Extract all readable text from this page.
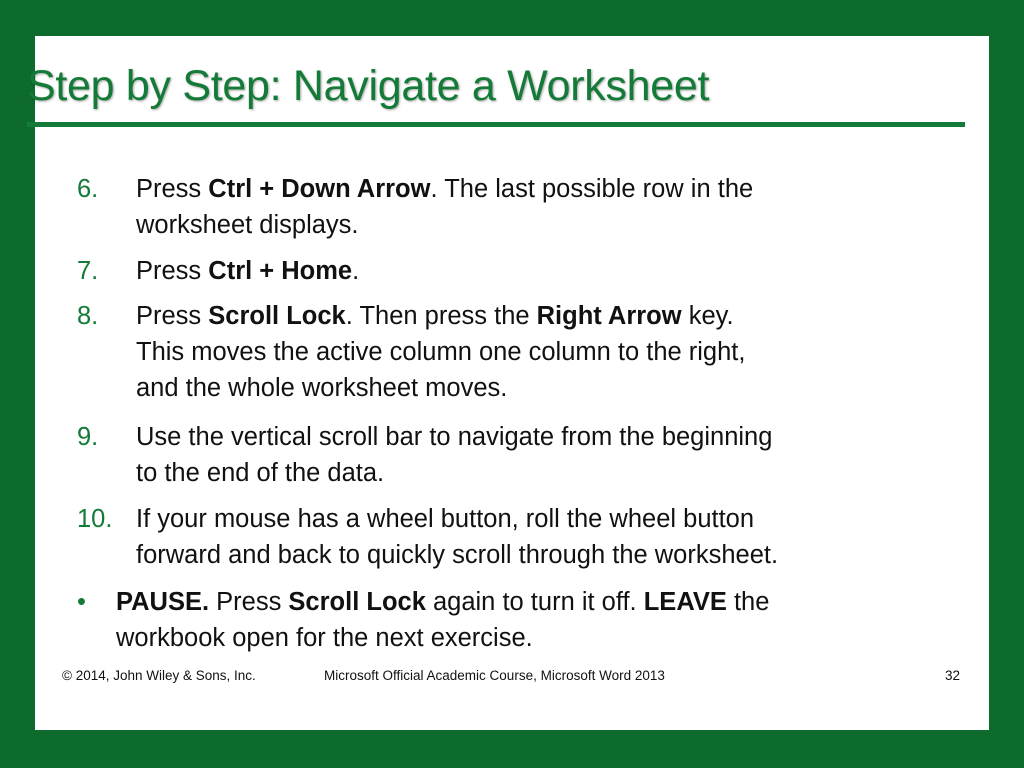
Step by Step: Navigate a Worksheet
6. Press Ctrl + Down Arrow. The last possible row in the
worksheet displays.
7. Press Ctrl + Home.
8. Press Scroll Lock. Then press the Right Arrow key.
This moves the active column one column to the right,
and the whole worksheet moves.
9. Use the vertical scroll bar to navigate from the beginning
to the end of the data.
10. If your mouse has a wheel button, roll the wheel button
forward and back to quickly scroll through the worksheet.
• PAUSE. Press Scroll Lock again to turn it off. LEAVE the
workbook open for the next exercise.
© 2014, John Wiley & Sons, Inc.	Microsoft Official Academic Course, Microsoft Word 2013	32
